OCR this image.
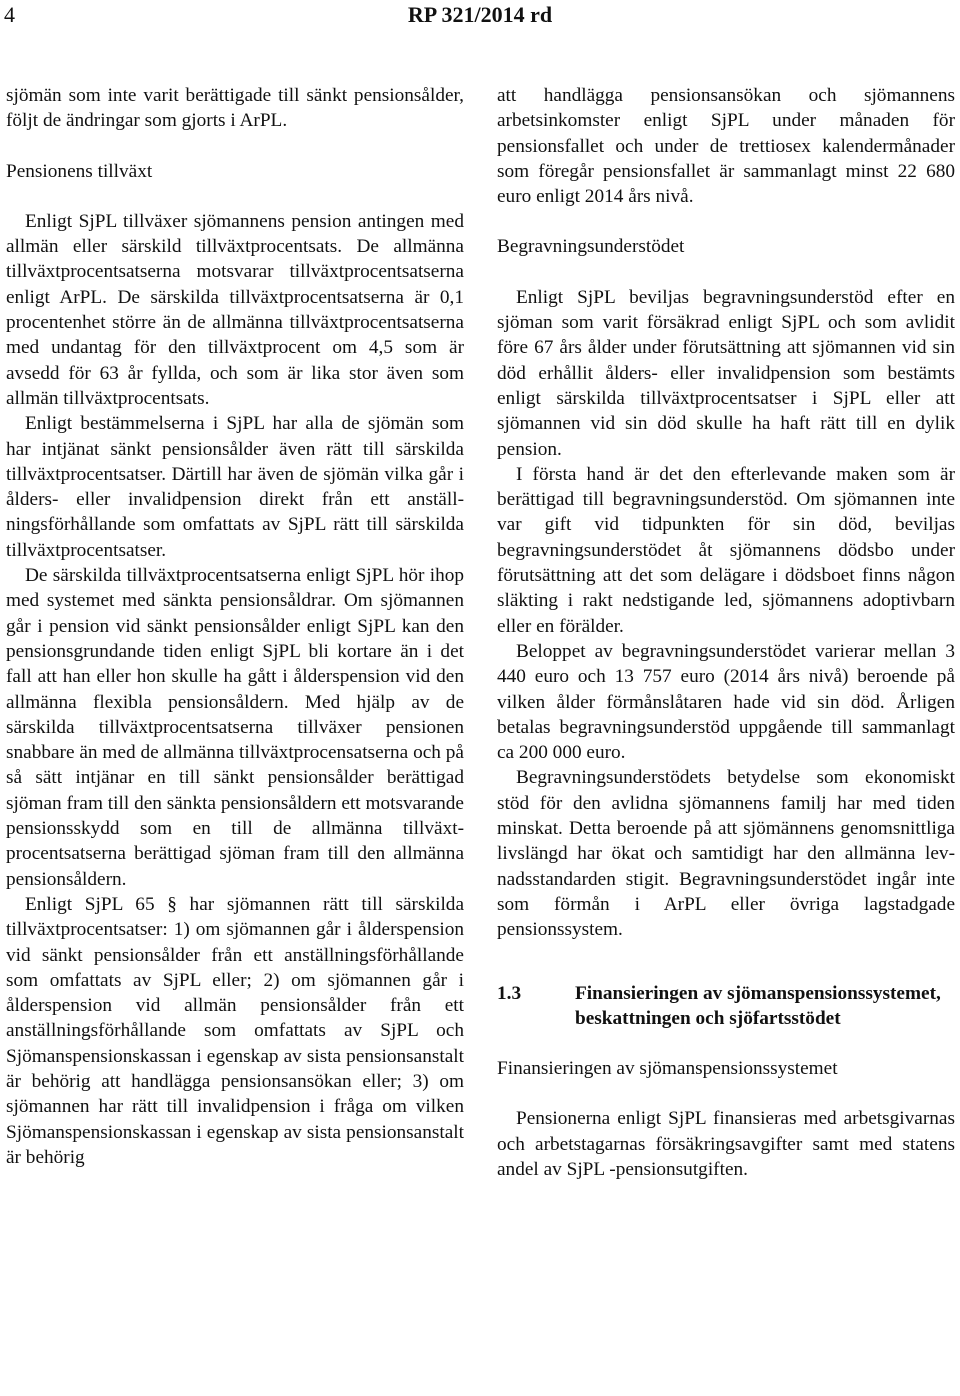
4	RP 321/2014 rd

sjömän som inte varit berättigade till sänkt pensionsålder, följt de ändringar som gjorts i ArPL.

Pensionens tillväxt

Enligt SjPL tillväxer sjömannens pension antingen med allmän eller särskild tillväxtprocentsats. De allmänna tillväxtprocentsatserna motsvarar tillväxtprocentsatserna enligt ArPL. De särskilda tillväxtprocentsatserna är 0,1 procentenhet större än de allmänna tillväxtprocentsatserna med undantag för den tillväxtprocent om 4,5 som är avsedd för 63 år fyllda, och som är lika stor även som allmän tillväxtprocentsats.

Enligt bestämmelserna i SjPL har alla de sjömän som har intjänat sänkt pensionsålder även rätt till särskilda tillväxtprocentsatser. Därtill har även de sjömän vilka går i ålders- eller invalidpension direkt från ett anställningsförhållande som omfattats av SjPL rätt till särskilda tillväxtprocentsatser.

De särskilda tillväxtprocentsatserna enligt SjPL hör ihop med systemet med sänkta pensionsåldrar. Om sjömannen går i pension vid sänkt pensionsålder enligt SjPL kan den pensionsgrundande tiden enligt SjPL bli kortare än i det fall att han eller hon skulle ha gått i ålderspension vid den allmänna flexibla pensionsåldern. Med hjälp av de särskilda tillväxtprocentsatserna tillväxer pensionen snabbare än med de allmänna tillväxtprocensatserna och på så sätt intjänar en till sänkt pensionsålder berättigad sjöman fram till den sänkta pensionsåldern ett motsvarande pensionsskydd som en till de allmänna tillväxtprocentsatserna berättigad sjöman fram till den allmänna pensionsåldern.

Enligt SjPL 65 § har sjömannen rätt till särskilda tillväxtprocentsatser: 1) om sjömannen går i ålderspension vid sänkt pensionsålder från ett anställningsförhållande som omfattats av SjPL eller; 2) om sjömannen går i ålderspension vid allmän pensionsålder från ett anställningsförhållande som omfattats av SjPL och Sjömanspensionskassan i egenskap av sista pensionsanstalt är behörig att handlägga pensionsansökan eller; 3) om sjömannen har rätt till invalidpension i fråga om vilken Sjömanspensionskassan i egenskap av sista pensionsanstalt är behörig

att handlägga pensionsansökan och sjömannens arbetsinkomster enligt SjPL under månaden för pensionsfallet och under de trettiosex kalendermånader som föregår pensionsfallet är sammanlagt minst 22 680 euro enligt 2014 års nivå.

Begravningsunderstödet

Enligt SjPL beviljas begravningsunderstöd efter en sjöman som varit försäkrad enligt SjPL och som avlidit före 67 års ålder under förutsättning att sjömannen vid sin död erhållit ålders- eller invalidpension som bestämts enligt särskilda tillväxtprocentsatser i SjPL eller att sjömannen vid sin död skulle ha haft rätt till en dylik pension.

I första hand är det den efterlevande maken som är berättigad till begravningsunderstöd. Om sjömannen inte var gift vid tidpunkten för sin död, beviljas begravningsunderstödet åt sjömannens dödsbo under förutsättning att det som delägare i dödsboet finns någon släkting i rakt nedstigande led, sjömannens adoptivbarn eller en förälder.

Beloppet av begravningsunderstödet varierar mellan 3 440 euro och 13 757 euro (2014 års nivå) beroende på vilken ålder förmånslåtaren hade vid sin död. Årligen betalas begravningsunderstöd uppgående till sammanlagt ca 200 000 euro.

Begravningsunderstödets betydelse som ekonomiskt stöd för den avlidna sjömannens familj har med tiden minskat. Detta beroende på att sjömännens genomsnittliga livslängd har ökat och samtidigt har den allmänna levnadsstandarden stigit. Begravningsunderstödet ingår inte som förmån i ArPL eller övriga lagstadgade pensionssystem.

1.3	Finansieringen av sjömanspensionssystemet, beskattningen och sjöfartsstödet

Finansieringen av sjömanspensionssystemet

Pensionerna enligt SjPL finansieras med arbetsgivarnas och arbetstagarnas försäkringsavgifter samt med statens andel av SjPL -pensionsutgiften.
